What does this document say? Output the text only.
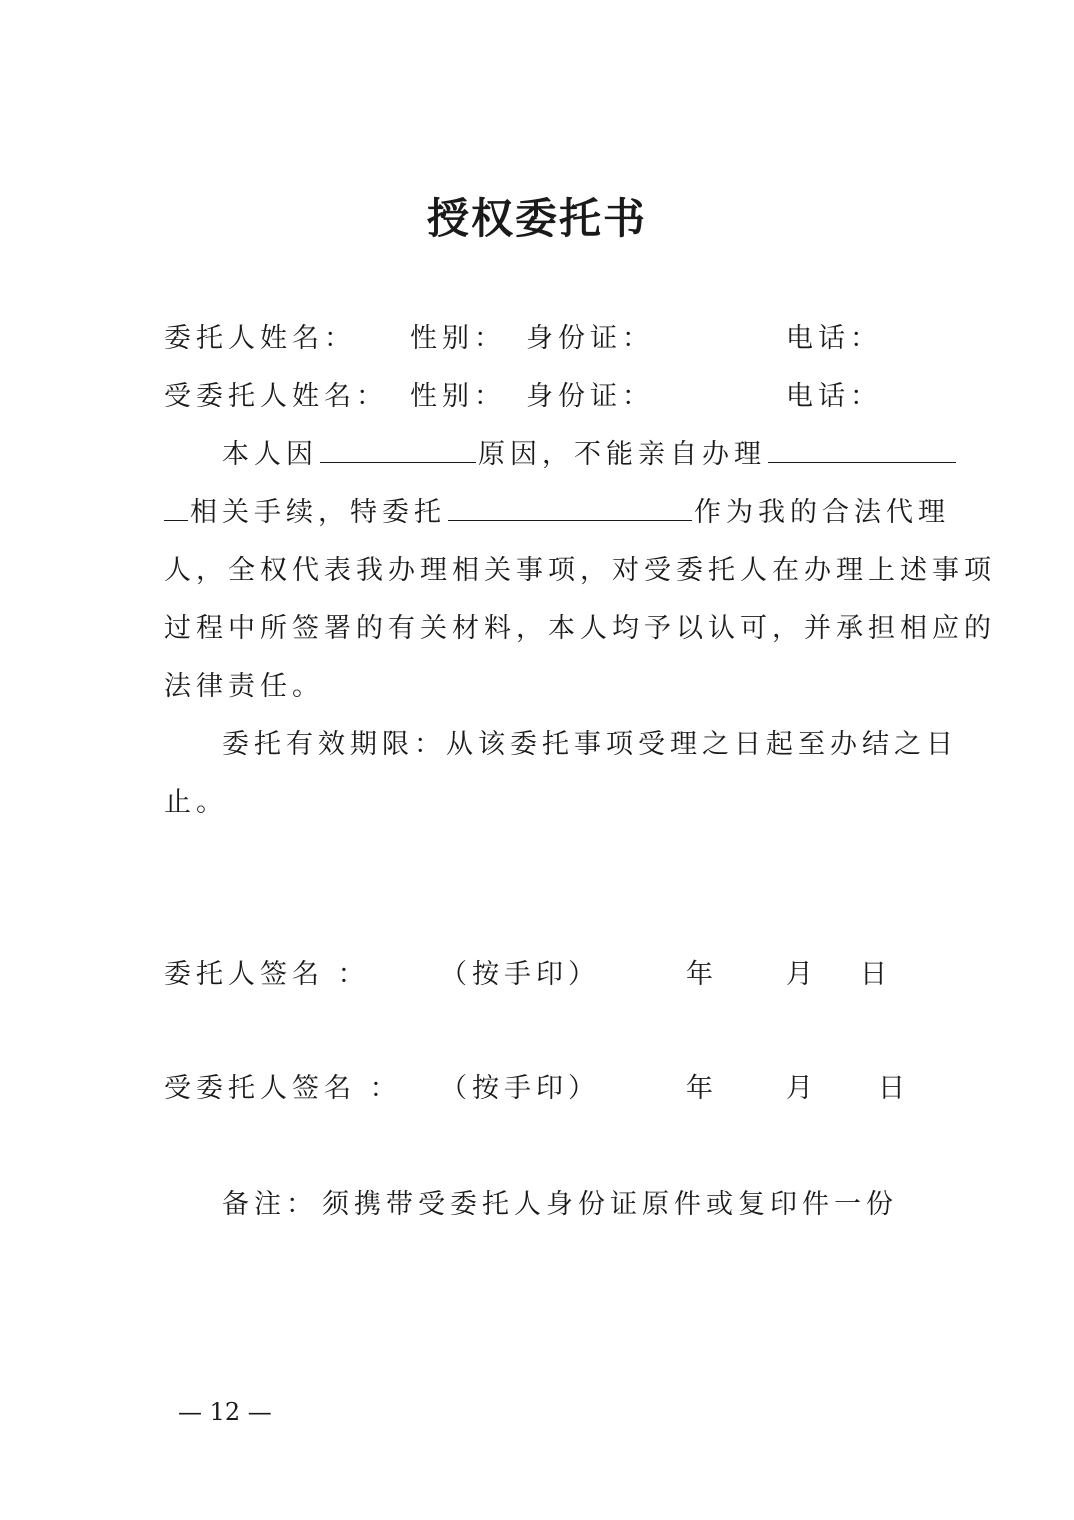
授权委托书
委托人姓名： 性别： 身份证：	电话：
受委托人姓名： 性别： 身份证：	电话：
本人因	原因，不能亲自办理
相关手续，特委托	作为我的合法代理
人，全权代表我办理相关事项，对受委托人在办理上述事项
过程中所签署的有关材料，本人均予以认可，并承担相应的
法律责任。
委托有效期限：从该委托事项受理之日起至办结之日
止。
委托人签名 ：	（按手印）	年	月 日
受委托人签名 ： （按手印）	年	月 日
备注： 须携带受委托人身份证原件或复印件一份
— 12 —
